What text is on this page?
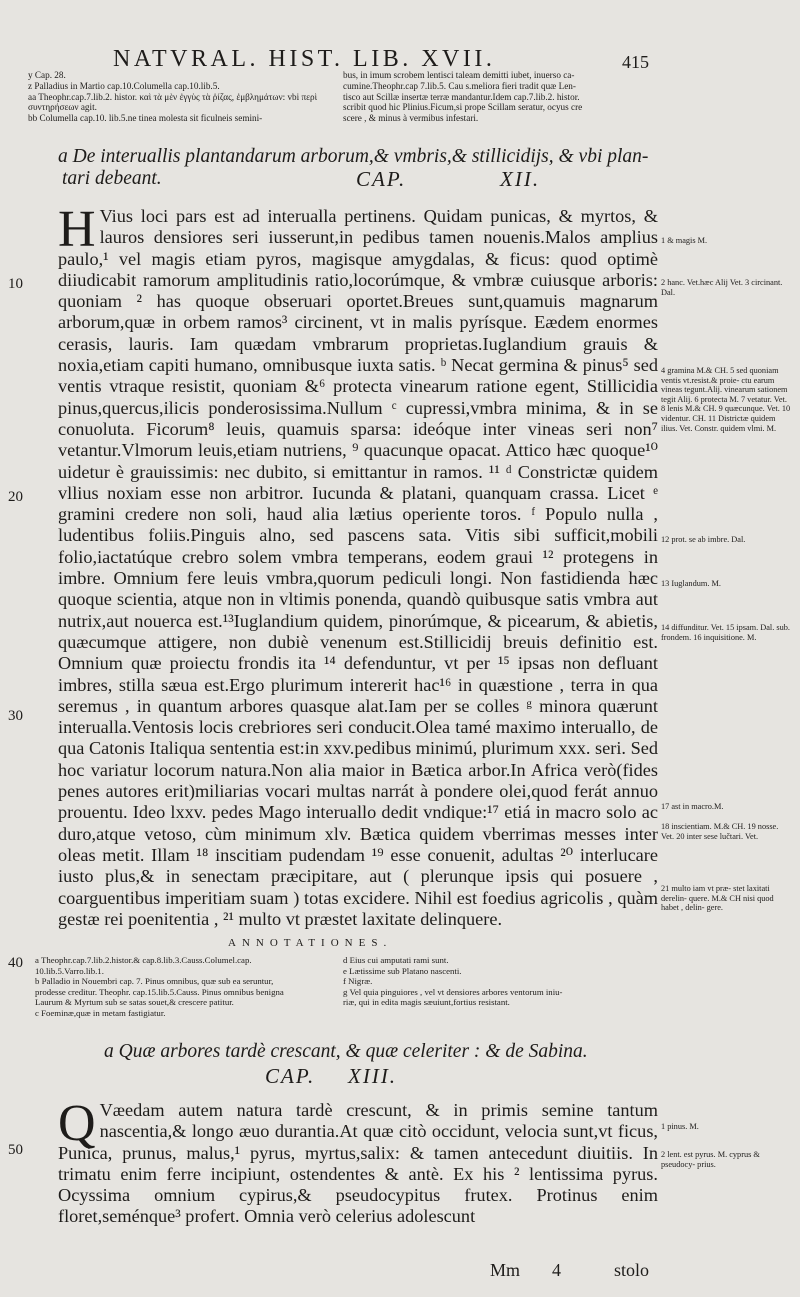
NATVRAL. HIST. LIB. XVII.	415
y Cap. 28.
z Palladius in Martio cap.10.Columella cap.10.lib.5.
aa Theophr.cap.7.lib.2. histor. καὶ τὰ μὲν ἐγγὺς τὰ ῥίζας, ἐμβλημάτων: vbi περὶ συντηρήσεων agit.
bb Columella cap.10. lib.5.ne tinea molesta sit ficulneis semini-
bus, in imum scrobem lentisci taleam demitti iubet, inuerso ca-
cumine.Theophr.cap 7.lib.5. Cau s.meliora fieri tradit quæ Len-
tisco aut Scillæ insertæ terræ mandantur.Idem cap.7.lib.2. histor.
scribit quod hic Plinius.Ficum,si prope Scillam seratur, ocyus cre
scere , & minus à vermibus infestari.
a De interuallis plantandarum arborum,& vmbris,& stillicidijs, & vbi plan-
tari debeant.	CAP.	XII.

H Vius loci pars est ad interualla pertinens. Quidam punicas, & myrtos, & lauros densiores seri iusserunt,in pedibus tamen nouenis.Malos amplius paulo,¹ vel magis etiam pyros, magisque amygdalas, & ficus: quod optimè diiudicabit ramorum amplitudinis ratio,locorúmque, & vmbræ cuiusque arboris: quoniam ² has quoque obseruari oportet.Breues sunt,quamuis magnarum arborum,quæ in orbem ramos³ circinent, vt in malis pyrísque. Eædem enormes cerasis, lauris. Iam quædam vmbrarum proprietas.Iuglandium grauis & noxia,etiam capiti humano, omnibusque iuxta satis. ᵇ Necat germina & pinus⁵ sed ventis vtraque resistit, quoniam &⁶ protecta vinearum ratione egent, Stillicidia pinus,quercus,ilicis ponderosissima.Nullum ᶜ cupressi,vmbra minima, & in se conuoluta. Ficorum⁸ leuis, quamuis sparsa: ideóque inter vineas seri non⁷ vetantur.Vlmorum leuis,etiam nutriens, ⁹ quacunque opacat. Attico hæc quoque¹⁰ uidetur è grauissimis: nec dubito, si emittantur in ramos. ¹¹ ᵈ Constrictæ quidem vllius noxiam esse non arbitror. Iucunda & platani, quanquam crassa. Licet ᵉ gramini credere non soli, haud alia lætius operiente toros. ᶠ Populo nulla , ludentibus foliis.Pinguis alno, sed pascens sata. Vitis sibi sufficit,mobili folio,iactatúque crebro solem vmbra temperans, eodem graui ¹² protegens in imbre. Omnium fere leuis vmbra,quorum pediculi longi. Non fastidienda hæc quoque scientia, atque non in vltimis ponenda, quandò quibusque satis vmbra aut nutrix,aut nouerca est.¹³Iuglandium quidem, pinorúmque, & picearum, & abietis, quæcumque attigere, non dubiè venenum est.Stillicidij breuis definitio est. Omnium quæ proiectu frondis ita ¹⁴ defenduntur, vt per ¹⁵ ipsas non defluant imbres, stilla sæua est.Ergo plurimum intererit hac¹⁶ in quæstione , terra in qua seremus , in quantum arbores quasque alat.Iam per se colles ᵍ minora quærunt interualla.Ventosis locis crebriores seri conducit.Olea tamé maximo interuallo, de qua Catonis Italiqua sententia est:in xxv.pedibus minimú, plurimum xxx. seri. Sed hoc variatur locorum natura.Non alia maior in Bætica arbor.In Africa verò(fides penes autores erit)miliarias vocari multas narrát à pondere olei,quod ferát annuo prouentu. Ideo lxxv. pedes Mago interuallo dedit vndique:¹⁷ etiá in macro solo ac duro,atque vetoso, cùm minimum xlv. Bætica quidem vberrimas messes inter oleas metit. Illam ¹⁸ inscitiam pudendam ¹⁹ esse conuenit, adultas ²⁰ interlucare iusto plus,& in senectam præcipitare, aut ( plerunque ipsis qui posuere , coarguentibus imperitiam suam ) totas excidere. Nihil est foedius agricolis , quàm gestæ rei poenitentia , ²¹ multo vt præstet laxitate delinquere.

10
20
30
40
50
1 & magis M.
2 hanc. Vet.hæc Alij Vet. 3 circinant. Dal.
4 gramina M.& CH. 5 sed quoniam ventis vt.resist.& proie- ctu earum vineas tegunt.Alij. vinearum sationem tegit Alij. 6 protecta M. 7 vetatur. Vet. 8 lenis M.& CH. 9 quæcunque. Vet. 10 videntur. CH. 11 Districtæ quidem ilius. Vet. Constr. quidem vlmi. M.
12 prot. se ab imbre. Dal.
13 Iuglandum. M.
14 diffunditur. Vet. 15 ipsam. Dal. sub. frondem. 16 inquisitione. M.
17 ast in macro.M.
18 inscientiam. M.& CH. 19 nosse. Vet. 20 inter sese lučtari. Vet.
21 multo iam vt præ- stet laxitati derelin- quere. M.& CH nisi quod habet , delin- gere.
1 pinus. M.
2 lent. est pyrus. M. cyprus & pseudocy- prius.
ANNOTATIONES.
a Theophr.cap.7.lib.2.histor.& cap.8.lib.3.Causs.Columel.cap.
10.lib.5.Varro.lib.1.
b Palladio in Nouembri cap. 7. Pinus omnibus, quæ sub ea seruntur,
prodesse creditur. Theophr. cap.15.lib.5.Causs. Pinus omnibus benigna
Laurum & Myrtum sub se satas souet,& crescere patitur.
c Foeminæ,quæ in metam fastigiatur.
d Eius cui amputati rami sunt.
e Lætissime sub Platano nascenti.
f Nigræ.
g Vel quia pinguiores , vel vt densiores arbores ventorum iniu-
riæ, qui in edita magis sæuiunt,fortius resistant.
a Quæ arbores tardè crescant, & quæ celeriter : & de Sabina.
CAP. XIII.

Q Væedam autem natura tardè crescunt, & in primis semine tantum nascentia,& longo æuo durantia.At quæ citò occidunt, velocia sunt,vt ficus, Punica, prunus, malus,¹ pyrus, myrtus,salix: & tamen antecedunt diuitiis. In trimatu enim ferre incipiunt, ostendentes & antè. Ex his ² lentissima pyrus. Ocyssima omnium cypirus,& pseudocypitus frutex. Protinus enim floret,seménque³ profert. Omnia verò celerius adolescunt

Mm 4	stolo
